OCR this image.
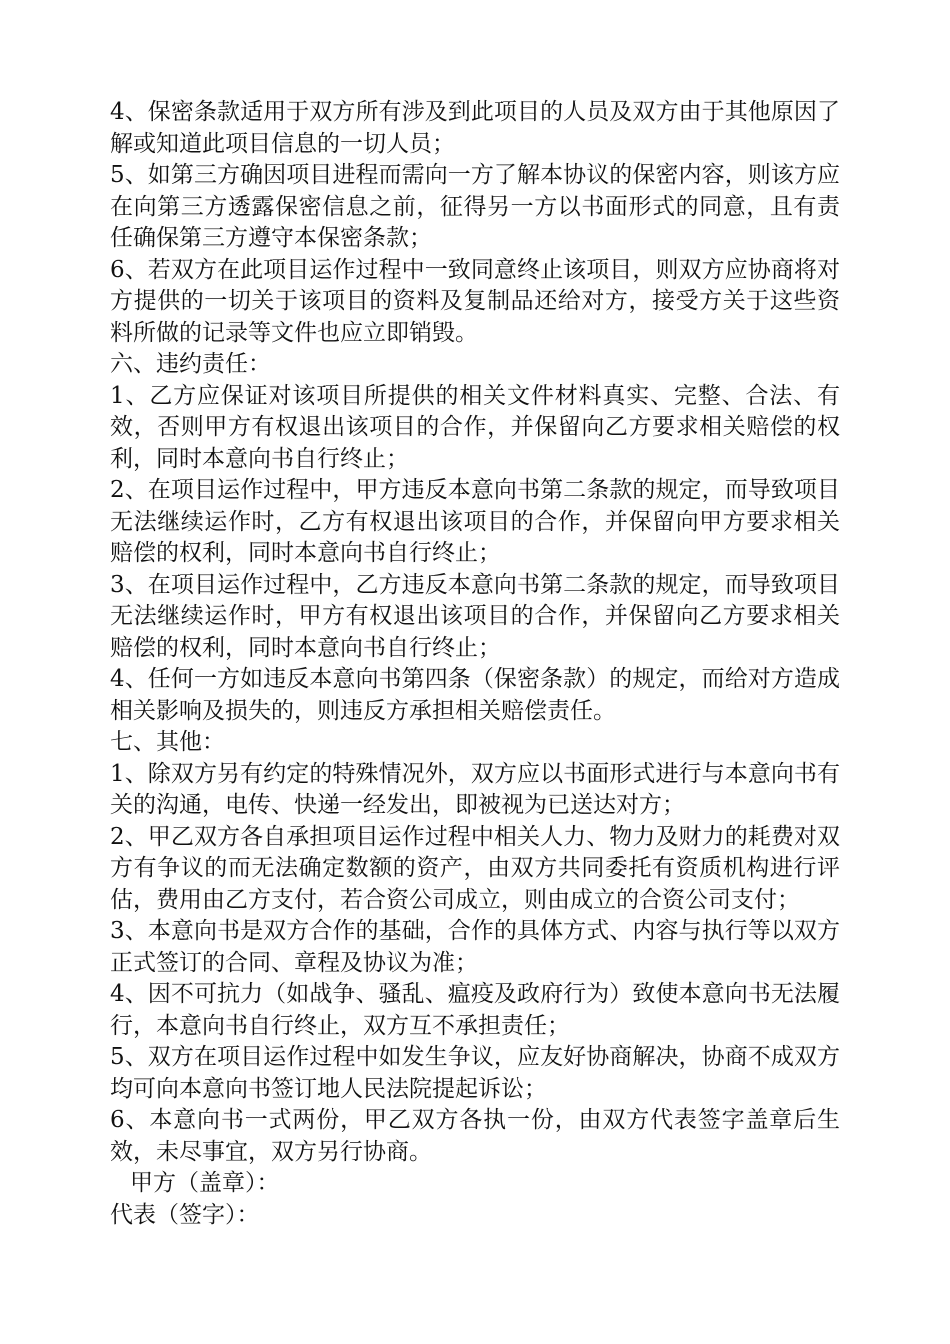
4、保密条款适用于双方所有涉及到此项目的人员及双方由于其他原因了解或知道此项目信息的一切人员；

5、如第三方确因项目进程而需向一方了解本协议的保密内容，则该方应在向第三方透露保密信息之前，征得另一方以书面形式的同意，且有责任确保第三方遵守本保密条款；

6、若双方在此项目运作过程中一致同意终止该项目，则双方应协商将对方提供的一切关于该项目的资料及复制品还给对方，接受方关于这些资料所做的记录等文件也应立即销毁。

六、违约责任：

1、乙方应保证对该项目所提供的相关文件材料真实、完整、合法、有效，否则甲方有权退出该项目的合作，并保留向乙方要求相关赔偿的权利，同时本意向书自行终止；

2、在项目运作过程中，甲方违反本意向书第二条款的规定，而导致项目无法继续运作时，乙方有权退出该项目的合作，并保留向甲方要求相关赔偿的权利，同时本意向书自行终止；

3、在项目运作过程中，乙方违反本意向书第二条款的规定，而导致项目无法继续运作时，甲方有权退出该项目的合作，并保留向乙方要求相关赔偿的权利，同时本意向书自行终止；

4、任何一方如违反本意向书第四条（保密条款）的规定，而给对方造成相关影响及损失的，则违反方承担相关赔偿责任。

七、其他：

1、除双方另有约定的特殊情况外，双方应以书面形式进行与本意向书有关的沟通，电传、快递一经发出，即被视为已送达对方；

2、甲乙双方各自承担项目运作过程中相关人力、物力及财力的耗费对双方有争议的而无法确定数额的资产，由双方共同委托有资质机构进行评估，费用由乙方支付，若合资公司成立，则由成立的合资公司支付；

3、本意向书是双方合作的基础，合作的具体方式、内容与执行等以双方正式签订的合同、章程及协议为准；

4、因不可抗力（如战争、骚乱、瘟疫及政府行为）致使本意向书无法履行，本意向书自行终止，双方互不承担责任；

5、双方在项目运作过程中如发生争议，应友好协商解决，协商不成双方均可向本意向书签订地人民法院提起诉讼；

6、本意向书一式两份，甲乙双方各执一份，由双方代表签字盖章后生效，未尽事宜，双方另行协商。

甲方（盖章）：

代表（签字）：
